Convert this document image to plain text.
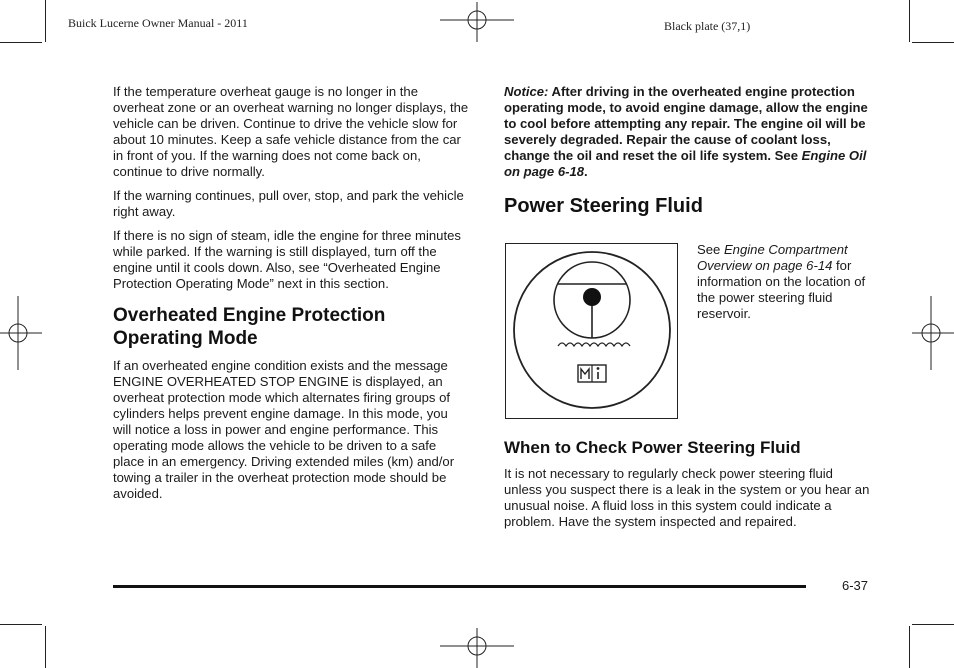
Buick Lucerne Owner Manual - 2011	Black plate (37,1)

If the temperature overheat gauge is no longer in the overheat zone or an overheat warning no longer displays, the vehicle can be driven. Continue to drive the vehicle slow for about 10 minutes. Keep a safe vehicle distance from the car in front of you. If the warning does not come back on, continue to drive normally.

If the warning continues, pull over, stop, and park the vehicle right away.

If there is no sign of steam, idle the engine for three minutes while parked. If the warning is still displayed, turn off the engine until it cools down. Also, see “Overheated Engine Protection Operating Mode” next in this section.

Overheated Engine Protection Operating Mode

If an overheated engine condition exists and the message ENGINE OVERHEATED STOP ENGINE is displayed, an overheat protection mode which alternates firing groups of cylinders helps prevent engine damage. In this mode, you will notice a loss in power and engine performance. This operating mode allows the vehicle to be driven to a safe place in an emergency. Driving extended miles (km) and/or towing a trailer in the overheat protection mode should be avoided.

Notice: After driving in the overheated engine protection operating mode, to avoid engine damage, allow the engine to cool before attempting any repair. The engine oil will be severely degraded. Repair the cause of coolant loss, change the oil and reset the oil life system. See Engine Oil on page 6-18.

Power Steering Fluid
See Engine Compartment Overview on page 6-14 for information on the location of the power steering fluid reservoir.
When to Check Power Steering Fluid

It is not necessary to regularly check power steering fluid unless you suspect there is a leak in the system or you hear an unusual noise. A fluid loss in this system could indicate a problem. Have the system inspected and repaired.

6-37
